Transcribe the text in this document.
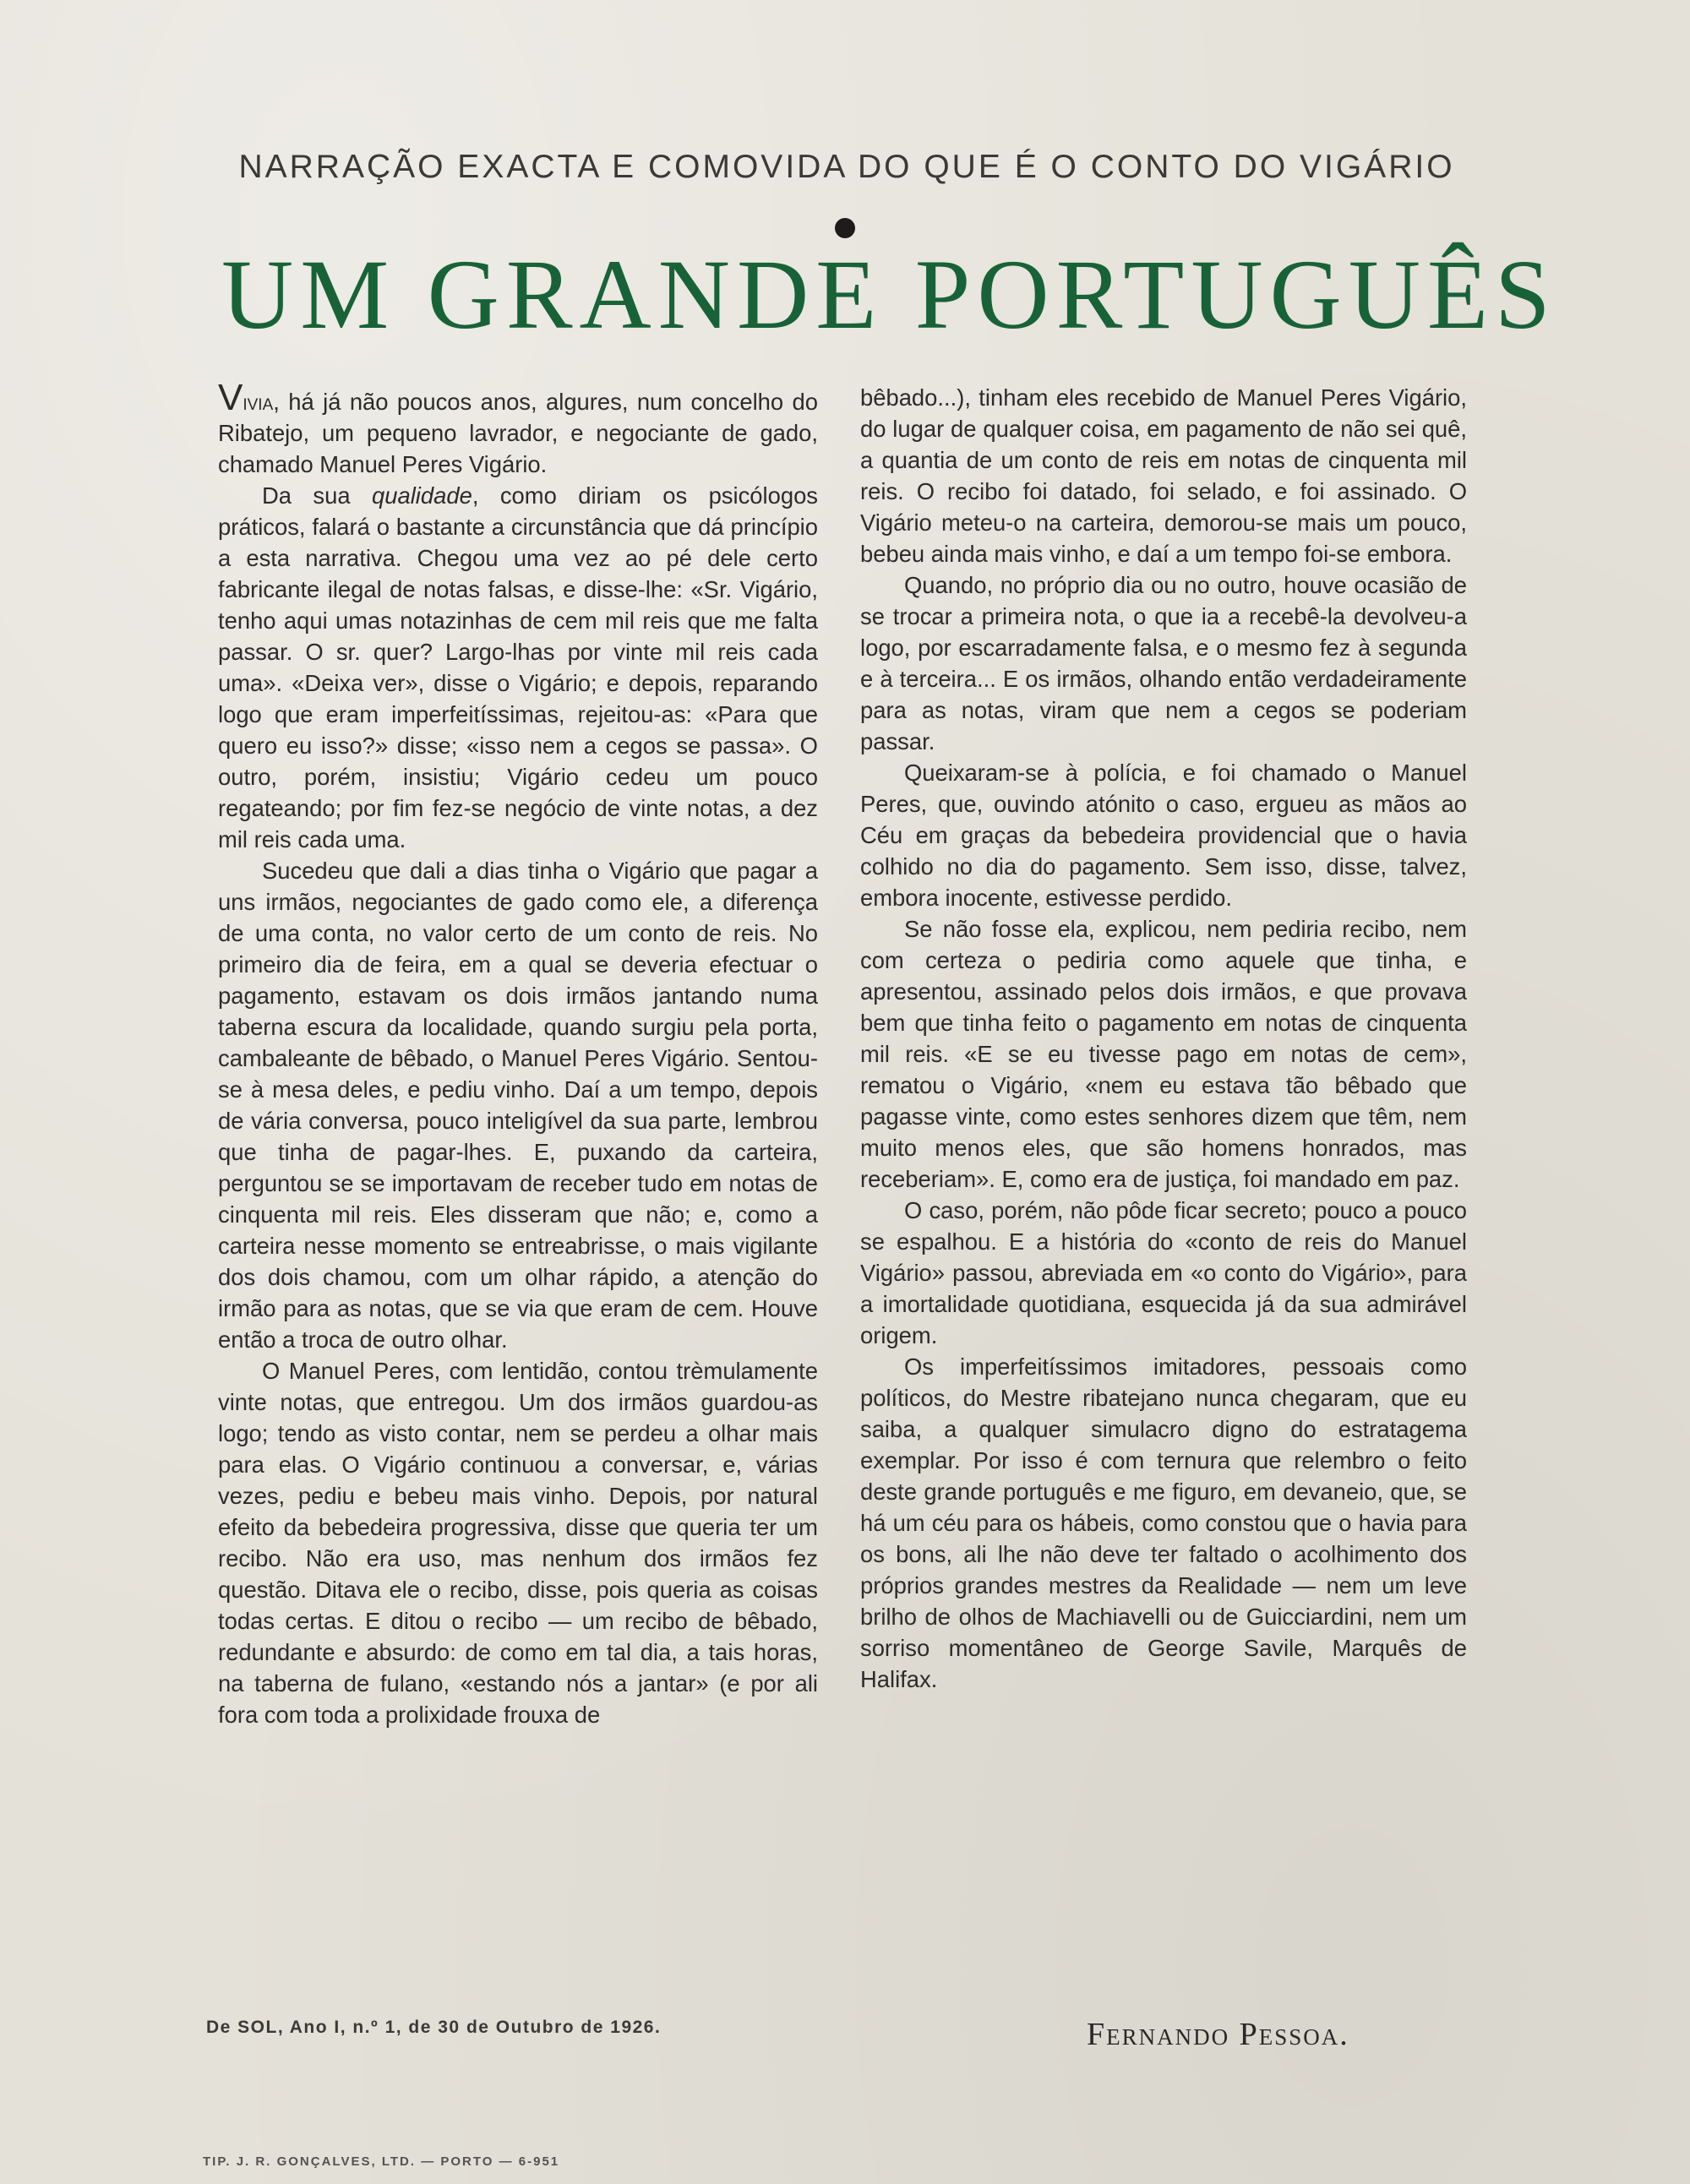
NARRAÇÃO EXACTA E COMOVIDA DO QUE É O CONTO DO VIGÁRIO
UM GRANDE PORTUGUÊS

Vivia, há já não poucos anos, algures, num concelho do Ribatejo, um pequeno lavrador, e negociante de gado, chamado Manuel Peres Vigário.

Da sua qualidade, como diriam os psicólogos práticos, falará o bastante a circunstância que dá princípio a esta narrativa. Chegou uma vez ao pé dele certo fabricante ilegal de notas falsas, e disse-lhe: «Sr. Vigário, tenho aqui umas notazinhas de cem mil reis que me falta passar. O sr. quer? Largo-lhas por vinte mil reis cada uma». «Deixa ver», disse o Vigário; e depois, reparando logo que eram imperfeitíssimas, rejeitou-as: «Para que quero eu isso?» disse; «isso nem a cegos se passa». O outro, porém, insistiu; Vigário cedeu um pouco regateando; por fim fez-se negócio de vinte notas, a dez mil reis cada uma.

Sucedeu que dali a dias tinha o Vigário que pagar a uns irmãos, negociantes de gado como ele, a diferença de uma conta, no valor certo de um conto de reis. No primeiro dia de feira, em a qual se deveria efectuar o pagamento, estavam os dois irmãos jantando numa taberna escura da localidade, quando surgiu pela porta, cambaleante de bêbado, o Manuel Peres Vigário. Sentou-se à mesa deles, e pediu vinho. Daí a um tempo, depois de vária conversa, pouco inteligível da sua parte, lembrou que tinha de pagar-lhes. E, puxando da carteira, perguntou se se importavam de receber tudo em notas de cinquenta mil reis. Eles disseram que não; e, como a carteira nesse momento se entreabrisse, o mais vigilante dos dois chamou, com um olhar rápido, a atenção do irmão para as notas, que se via que eram de cem. Houve então a troca de outro olhar.

O Manuel Peres, com lentidão, contou trèmulamente vinte notas, que entregou. Um dos irmãos guardou-as logo; tendo as visto contar, nem se perdeu a olhar mais para elas. O Vigário continuou a conversar, e, várias vezes, pediu e bebeu mais vinho. Depois, por natural efeito da bebedeira progressiva, disse que queria ter um recibo. Não era uso, mas nenhum dos irmãos fez questão. Ditava ele o recibo, disse, pois queria as coisas todas certas. E ditou o recibo — um recibo de bêbado, redundante e absurdo: de como em tal dia, a tais horas, na taberna de fulano, «estando nós a jantar» (e por ali fora com toda a prolixidade frouxa de

bêbado...), tinham eles recebido de Manuel Peres Vigário, do lugar de qualquer coisa, em pagamento de não sei quê, a quantia de um conto de reis em notas de cinquenta mil reis. O recibo foi datado, foi selado, e foi assinado. O Vigário meteu-o na carteira, demorou-se mais um pouco, bebeu ainda mais vinho, e daí a um tempo foi-se embora.

Quando, no próprio dia ou no outro, houve ocasião de se trocar a primeira nota, o que ia a recebê-la devolveu-a logo, por escarradamente falsa, e o mesmo fez à segunda e à terceira... E os irmãos, olhando então verdadeiramente para as notas, viram que nem a cegos se poderiam passar.

Queixaram-se à polícia, e foi chamado o Manuel Peres, que, ouvindo atónito o caso, ergueu as mãos ao Céu em graças da bebedeira providencial que o havia colhido no dia do pagamento. Sem isso, disse, talvez, embora inocente, estivesse perdido.

Se não fosse ela, explicou, nem pediria recibo, nem com certeza o pediria como aquele que tinha, e apresentou, assinado pelos dois irmãos, e que provava bem que tinha feito o pagamento em notas de cinquenta mil reis. «E se eu tivesse pago em notas de cem», rematou o Vigário, «nem eu estava tão bêbado que pagasse vinte, como estes senhores dizem que têm, nem muito menos eles, que são homens honrados, mas receberiam». E, como era de justiça, foi mandado em paz.

O caso, porém, não pôde ficar secreto; pouco a pouco se espalhou. E a história do «conto de reis do Manuel Vigário» passou, abreviada em «o conto do Vigário», para a imortalidade quotidiana, esquecida já da sua admirável origem.

Os imperfeitíssimos imitadores, pessoais como políticos, do Mestre ribatejano nunca chegaram, que eu saiba, a qualquer simulacro digno do estratagema exemplar. Por isso é com ternura que relembro o feito deste grande português e me figuro, em devaneio, que, se há um céu para os hábeis, como constou que o havia para os bons, ali lhe não deve ter faltado o acolhimento dos próprios grandes mestres da Realidade — nem um leve brilho de olhos de Machiavelli ou de Guicciardini, nem um sorriso momentâneo de George Savile, Marquês de Halifax.

De SOL, Ano I, n.º 1, de 30 de Outubro de 1926.	Fernando Pessoa.
TIP. J. R. GONÇALVES, LTD. — PORTO — 6-951
